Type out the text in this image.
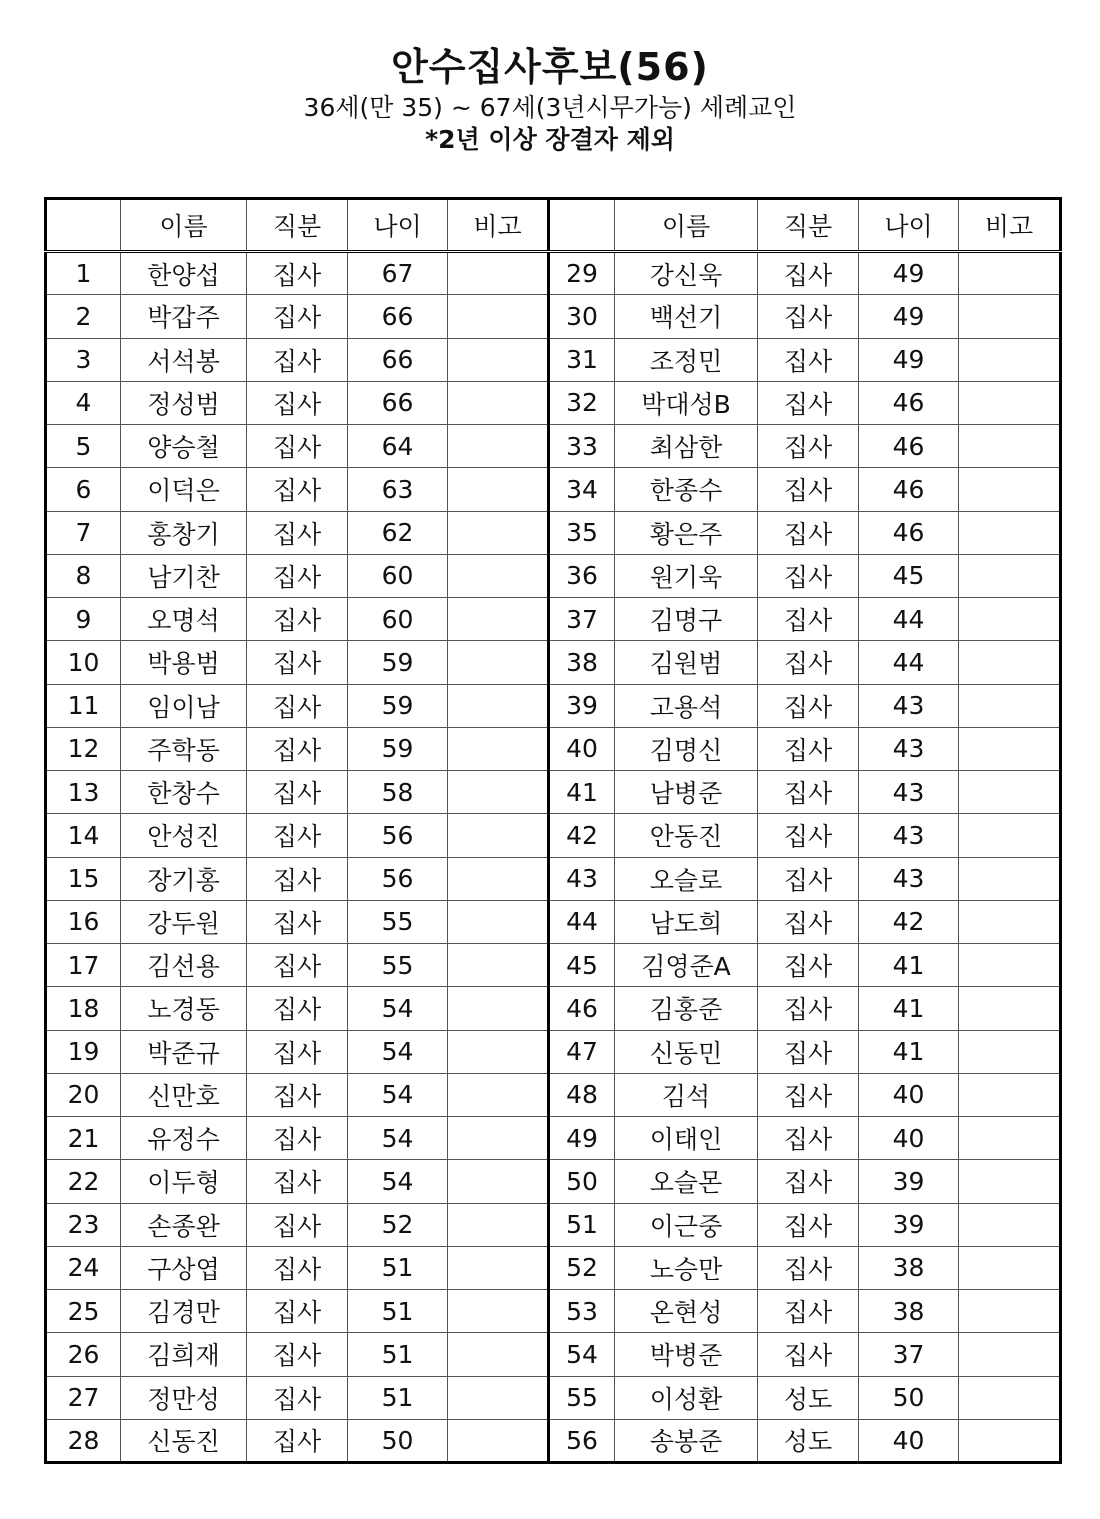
안수집사후보(56)
36세(만 35) ~ 67세(3년시무가능) 세례교인
*2년 이상 장결자 제외
	이름	직분	나이	비고		이름	직분	나이	비고
1	한양섭	집사	67		29	강신욱	집사	49	
2	박갑주	집사	66		30	백선기	집사	49	
3	서석봉	집사	66		31	조정민	집사	49	
4	정성범	집사	66		32	박대성B	집사	46	
5	양승철	집사	64		33	최삼한	집사	46	
6	이덕은	집사	63		34	한종수	집사	46	
7	홍창기	집사	62		35	황은주	집사	46	
8	남기찬	집사	60		36	원기욱	집사	45	
9	오명석	집사	60		37	김명구	집사	44	
10	박용범	집사	59		38	김원범	집사	44	
11	임이남	집사	59		39	고용석	집사	43	
12	주학동	집사	59		40	김명신	집사	43	
13	한창수	집사	58		41	남병준	집사	43	
14	안성진	집사	56		42	안동진	집사	43	
15	장기홍	집사	56		43	오슬로	집사	43	
16	강두원	집사	55		44	남도희	집사	42	
17	김선용	집사	55		45	김영준A	집사	41	
18	노경동	집사	54		46	김홍준	집사	41	
19	박준규	집사	54		47	신동민	집사	41	
20	신만호	집사	54		48	김석	집사	40	
21	유정수	집사	54		49	이태인	집사	40	
22	이두형	집사	54		50	오슬몬	집사	39	
23	손종완	집사	52		51	이근중	집사	39	
24	구상엽	집사	51		52	노승만	집사	38	
25	김경만	집사	51		53	온현성	집사	38	
26	김희재	집사	51		54	박병준	집사	37	
27	정만성	집사	51		55	이성환	성도	50	
28	신동진	집사	50		56	송봉준	성도	40	
